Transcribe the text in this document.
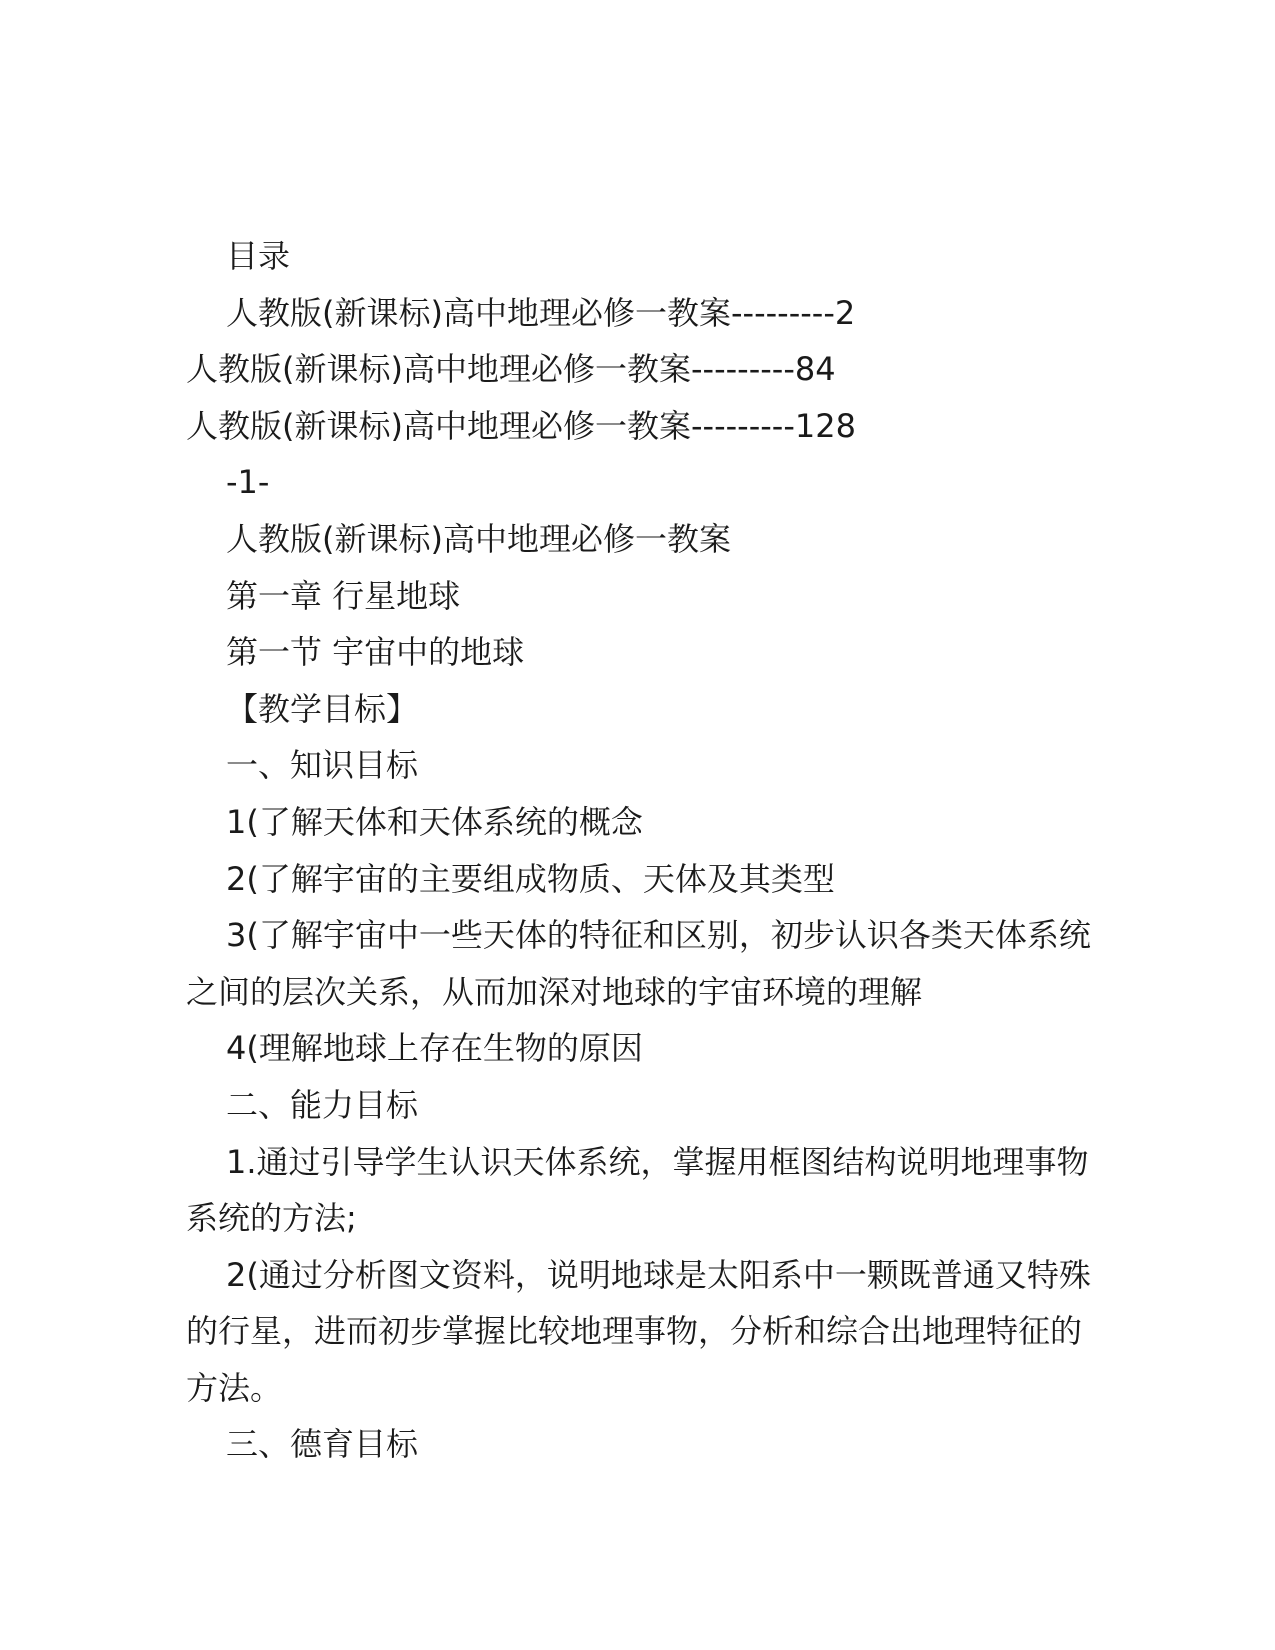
目录

人教版(新课标)高中地理必修一教案---------2

人教版(新课标)高中地理必修一教案---------84

人教版(新课标)高中地理必修一教案---------128

-1-

人教版(新课标)高中地理必修一教案

第一章 行星地球

第一节 宇宙中的地球

【教学目标】

一、知识目标

1(了解天体和天体系统的概念

2(了解宇宙的主要组成物质、天体及其类型

3(了解宇宙中一些天体的特征和区别，初步认识各类天体系统之间的层次关系，从而加深对地球的宇宙环境的理解

4(理解地球上存在生物的原因

二、能力目标

1.通过引导学生认识天体系统，掌握用框图结构说明地理事物系统的方法;

2(通过分析图文资料，说明地球是太阳系中一颗既普通又特殊的行星，进而初步掌握比较地理事物，分析和综合出地理特征的方法。

三、德育目标
